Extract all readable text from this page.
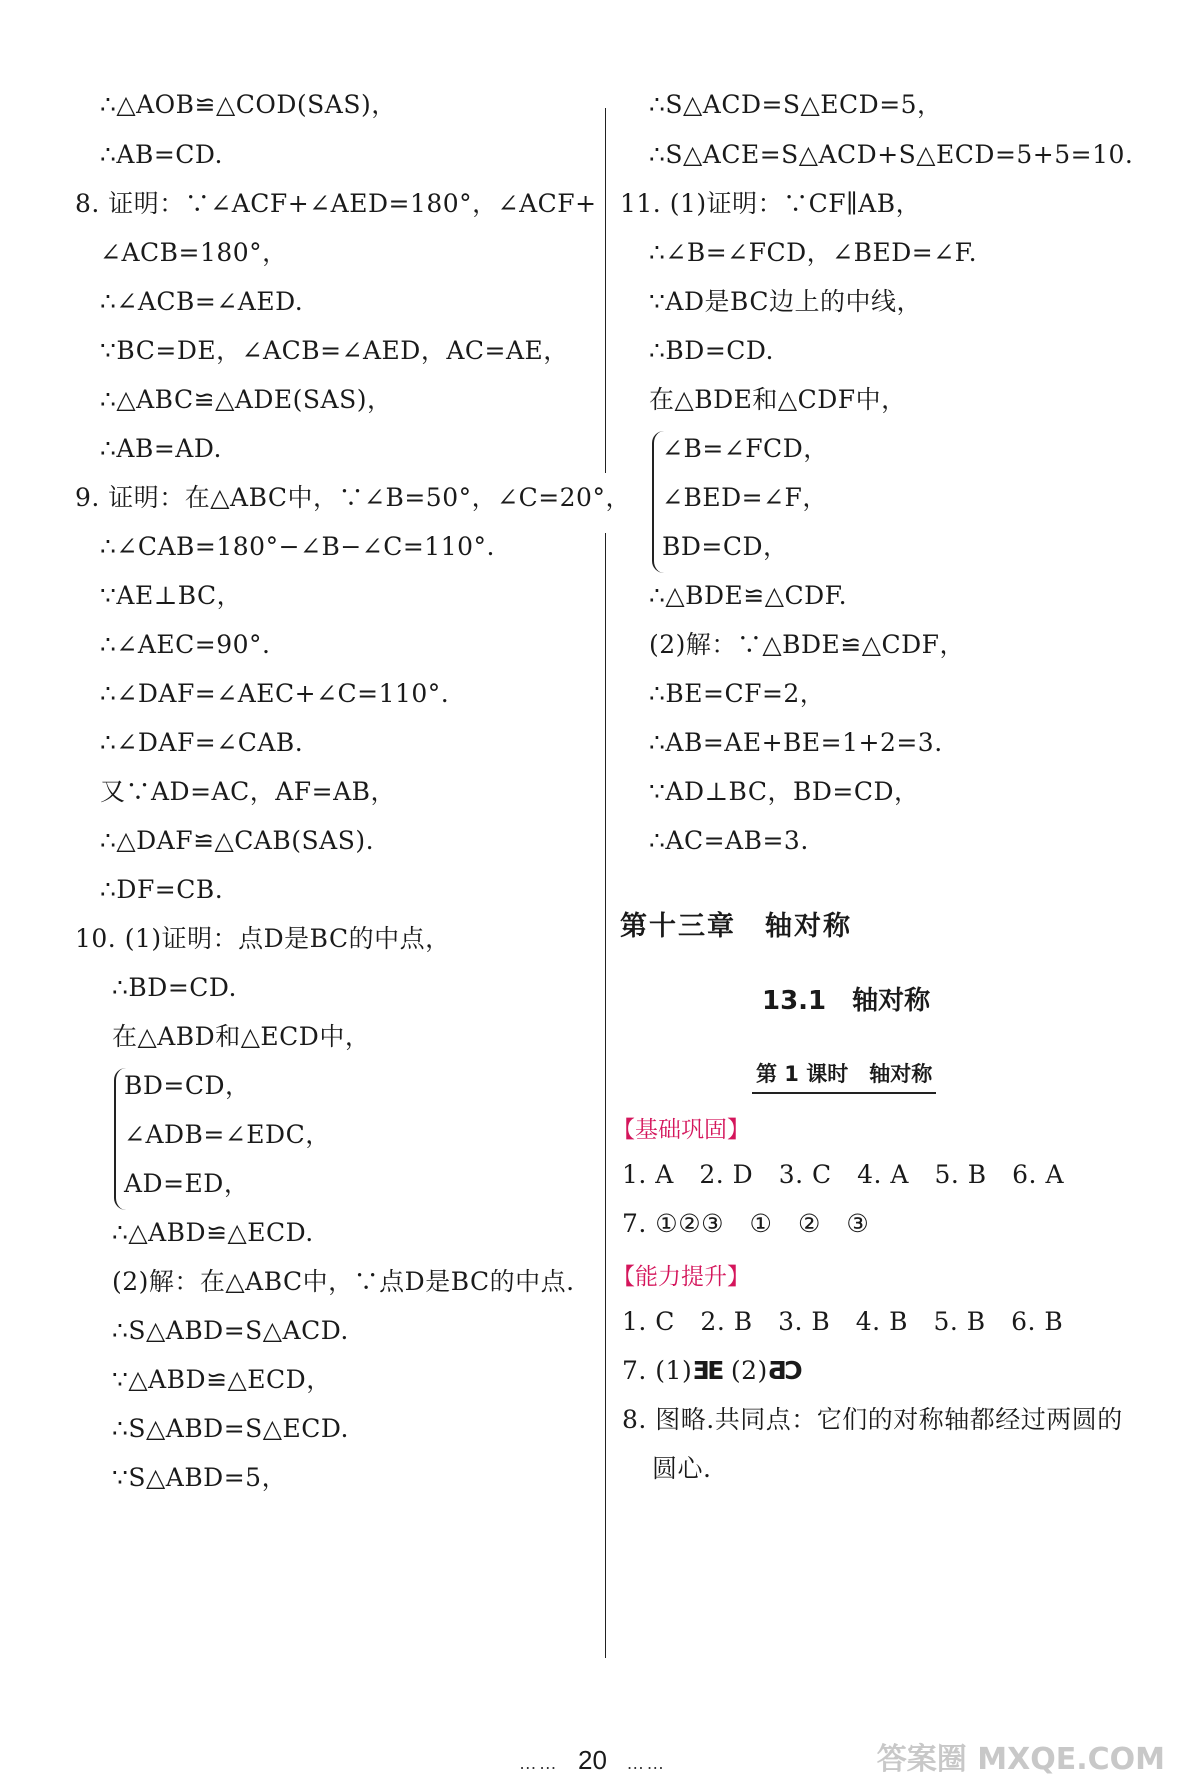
∴△AOB≌△COD(SAS)，
∴AB=CD.
8. 证明：∵∠ACF+∠AED=180°，∠ACF+
∠ACB=180°，
∴∠ACB=∠AED.
∵BC=DE，∠ACB=∠AED，AC=AE，
∴△ABC≌△ADE(SAS)，
∴AB=AD.
9. 证明：在△ABC中，∵∠B=50°，∠C=20°，
∴∠CAB=180°−∠B−∠C=110°.
∵AE⊥BC，
∴∠AEC=90°.
∴∠DAF=∠AEC+∠C=110°.
∴∠DAF=∠CAB.
又∵AD=AC，AF=AB，
∴△DAF≌△CAB(SAS).
∴DF=CB.
10. (1)证明：点D是BC的中点，
∴BD=CD.
在△ABD和△ECD中，
BD=CD，
∠ADB=∠EDC，
AD=ED，
∴△ABD≌△ECD.
(2)解：在△ABC中，∵点D是BC的中点.
∴S△ABD=S△ACD.
∵△ABD≌△ECD，
∴S△ABD=S△ECD.
∵S△ABD=5，
∴S△ACD=S△ECD=5，
∴S△ACE=S△ACD+S△ECD=5+5=10.
11. (1)证明：∵CF∥AB，
∴∠B=∠FCD，∠BED=∠F.
∵AD是BC边上的中线，
∴BD=CD.
在△BDE和△CDF中，
∠B=∠FCD，
∠BED=∠F，
BD=CD，
∴△BDE≌△CDF.
(2)解：∵△BDE≌△CDF，
∴BE=CF=2，
∴AB=AE+BE=1+2=3.
∵AD⊥BC，BD=CD，
∴AC=AB=3.
第十三章　轴对称
13.1　轴对称
第 1 课时　轴对称
【基础巩固】
1. A　2. D　3. C　4. A　5. B　6. A
7. ①②③　①　②　③
【能力提升】
1. C　2. B　3. B　4. B　5. B　6. B
7. (1)ƎE (2)ƋƆ
8. 图略.共同点：它们的对称轴都经过两圆的
圆心.
…… 20 ……	答案圈 MXQE.COM
